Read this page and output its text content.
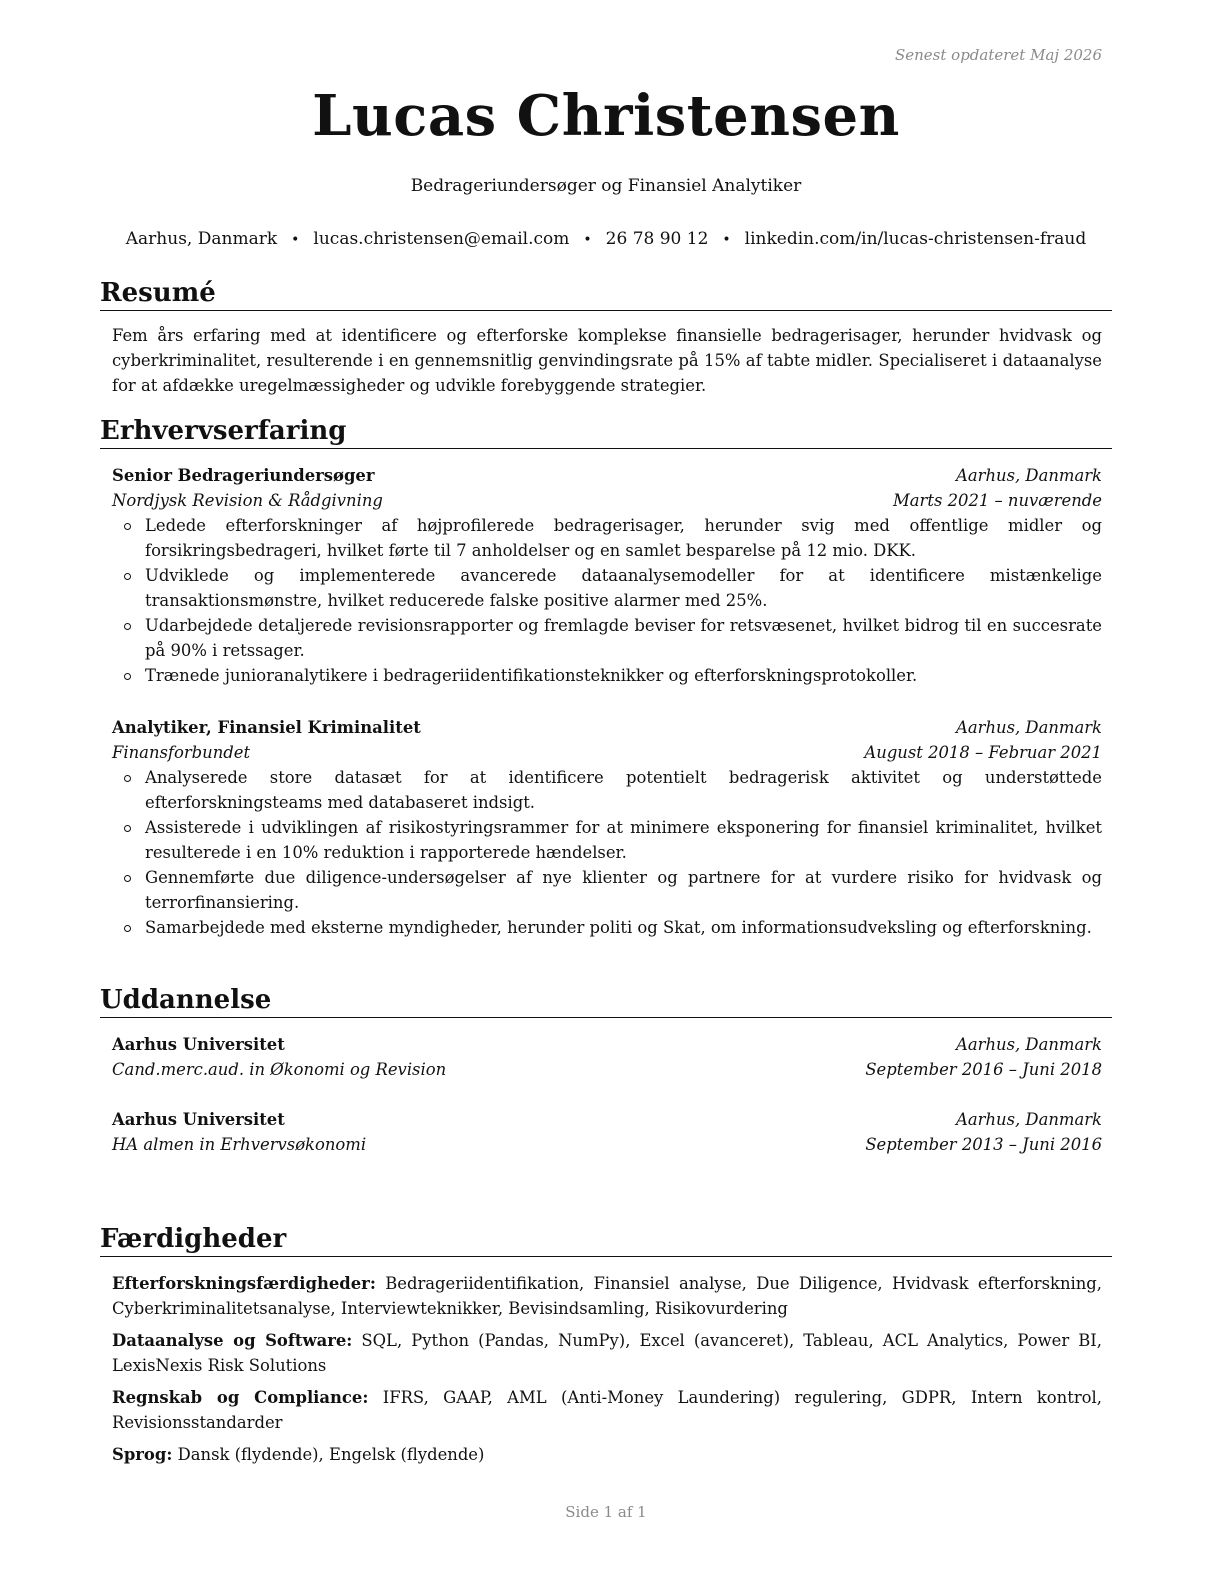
Senest opdateret Maj 2026
Lucas Christensen
Bedrageriundersøger og Finansiel Analytiker
Aarhus, Danmark • lucas.christensen@email.com • 26 78 90 12 • linkedin.com/in/lucas-christensen-fraud
Resumé
Fem års erfaring med at identificere og efterforske komplekse finansielle bedragerisager, herunder hvidvask og cyberkriminalitet, resulterende i en gennemsnitlig genvindingsrate på 15% af tabte midler. Specialiseret i dataanalyse for at afdække uregelmæssigheder og udvikle forebyggende strategier.
Erhvervserfaring
Senior Bedrageriundersøger	Aarhus, Danmark
Nordjysk Revision & Rådgivning	Marts 2021 – nuværende
Ledede efterforskninger af højprofilerede bedragerisager, herunder svig med offentlige midler og forsikringsbedrageri, hvilket førte til 7 anholdelser og en samlet besparelse på 12 mio. DKK.
Udviklede og implementerede avancerede dataanalysemodeller for at identificere mistænkelige transaktionsmønstre, hvilket reducerede falske positive alarmer med 25%.
Udarbejdede detaljerede revisionsrapporter og fremlagde beviser for retsvæsenet, hvilket bidrog til en succesrate på 90% i retssager.
Trænede junioranalytikere i bedrageriidentifikationsteknikker og efterforskningsprotokoller.
Analytiker, Finansiel Kriminalitet	Aarhus, Danmark
Finansforbundet	August 2018 – Februar 2021
Analyserede store datasæt for at identificere potentielt bedragerisk aktivitet og understøttede efterforskningsteams med databaseret indsigt.
Assisterede i udviklingen af risikostyringsrammer for at minimere eksponering for finansiel kriminalitet, hvilket resulterede i en 10% reduktion i rapporterede hændelser.
Gennemførte due diligence-undersøgelser af nye klienter og partnere for at vurdere risiko for hvidvask og terrorfinansiering.
Samarbejdede med eksterne myndigheder, herunder politi og Skat, om informationsudveksling og efterforskning.
Uddannelse
Aarhus Universitet	Aarhus, Danmark
Cand.merc.aud. in Økonomi og Revision	September 2016 – Juni 2018
Aarhus Universitet	Aarhus, Danmark
HA almen in Erhvervsøkonomi	September 2013 – Juni 2016
Færdigheder
Efterforskningsfærdigheder: Bedrageriidentifikation, Finansiel analyse, Due Diligence, Hvidvask efterforskning, Cyberkriminalitetsanalyse, Interviewteknikker, Bevisindsamling, Risikovurdering
Dataanalyse og Software: SQL, Python (Pandas, NumPy), Excel (avanceret), Tableau, ACL Analytics, Power BI, LexisNexis Risk Solutions
Regnskab og Compliance: IFRS, GAAP, AML (Anti-Money Laundering) regulering, GDPR, Intern kontrol, Revisionsstandarder
Sprog: Dansk (flydende), Engelsk (flydende)
Side 1 af 1
